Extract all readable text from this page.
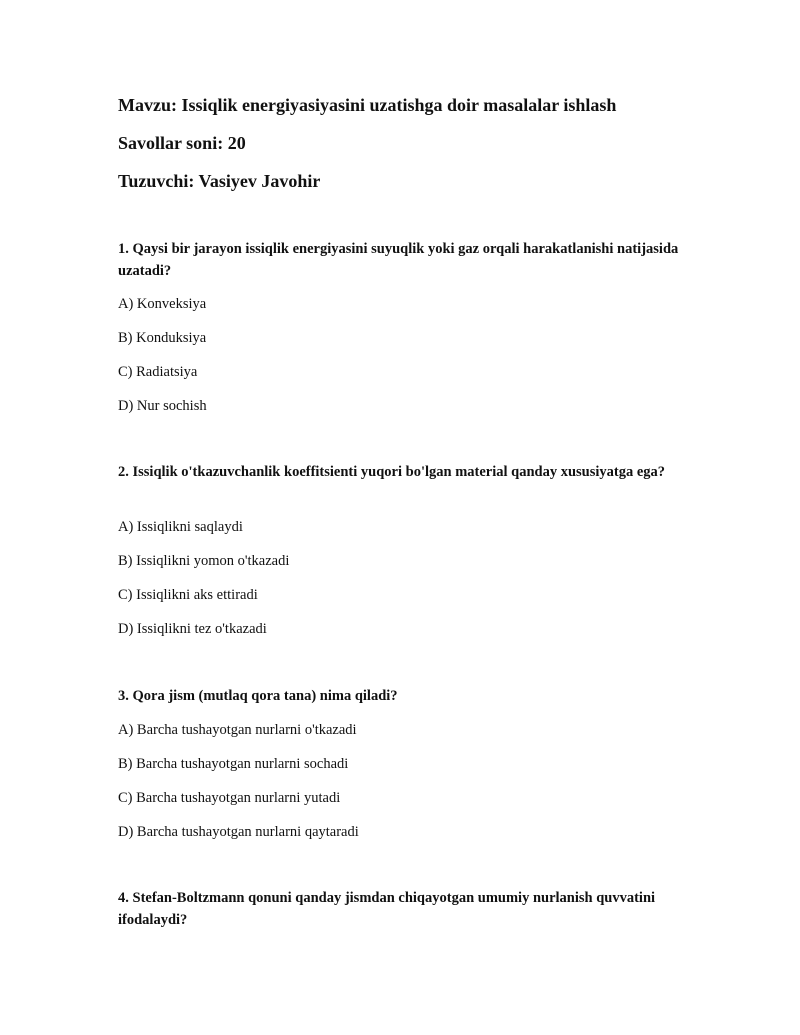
Mavzu: Issiqlik energiyasiyasini uzatishga doir masalalar ishlash
Savollar soni: 20
Tuzuvchi: Vasiyev Javohir
1. Qaysi bir jarayon issiqlik energiyasini suyuqlik yoki gaz orqali harakatlanishi natijasida uzatadi?
A) Konveksiya
B) Konduksiya
C) Radiatsiya
D) Nur sochish
2. Issiqlik o'tkazuvchanlik koeffitsienti yuqori bo'lgan material qanday xususiyatga ega?
A) Issiqlikni saqlaydi
B) Issiqlikni yomon o'tkazadi
C) Issiqlikni aks ettiradi
D) Issiqlikni tez o'tkazadi
3. Qora jism (mutlaq qora tana) nima qiladi?
A) Barcha tushayotgan nurlarni o'tkazadi
B) Barcha tushayotgan nurlarni sochadi
C) Barcha tushayotgan nurlarni yutadi
D) Barcha tushayotgan nurlarni qaytaradi
4. Stefan-Boltzmann qonuni qanday jismdan chiqayotgan umumiy nurlanish quvvatini ifodalaydi?
